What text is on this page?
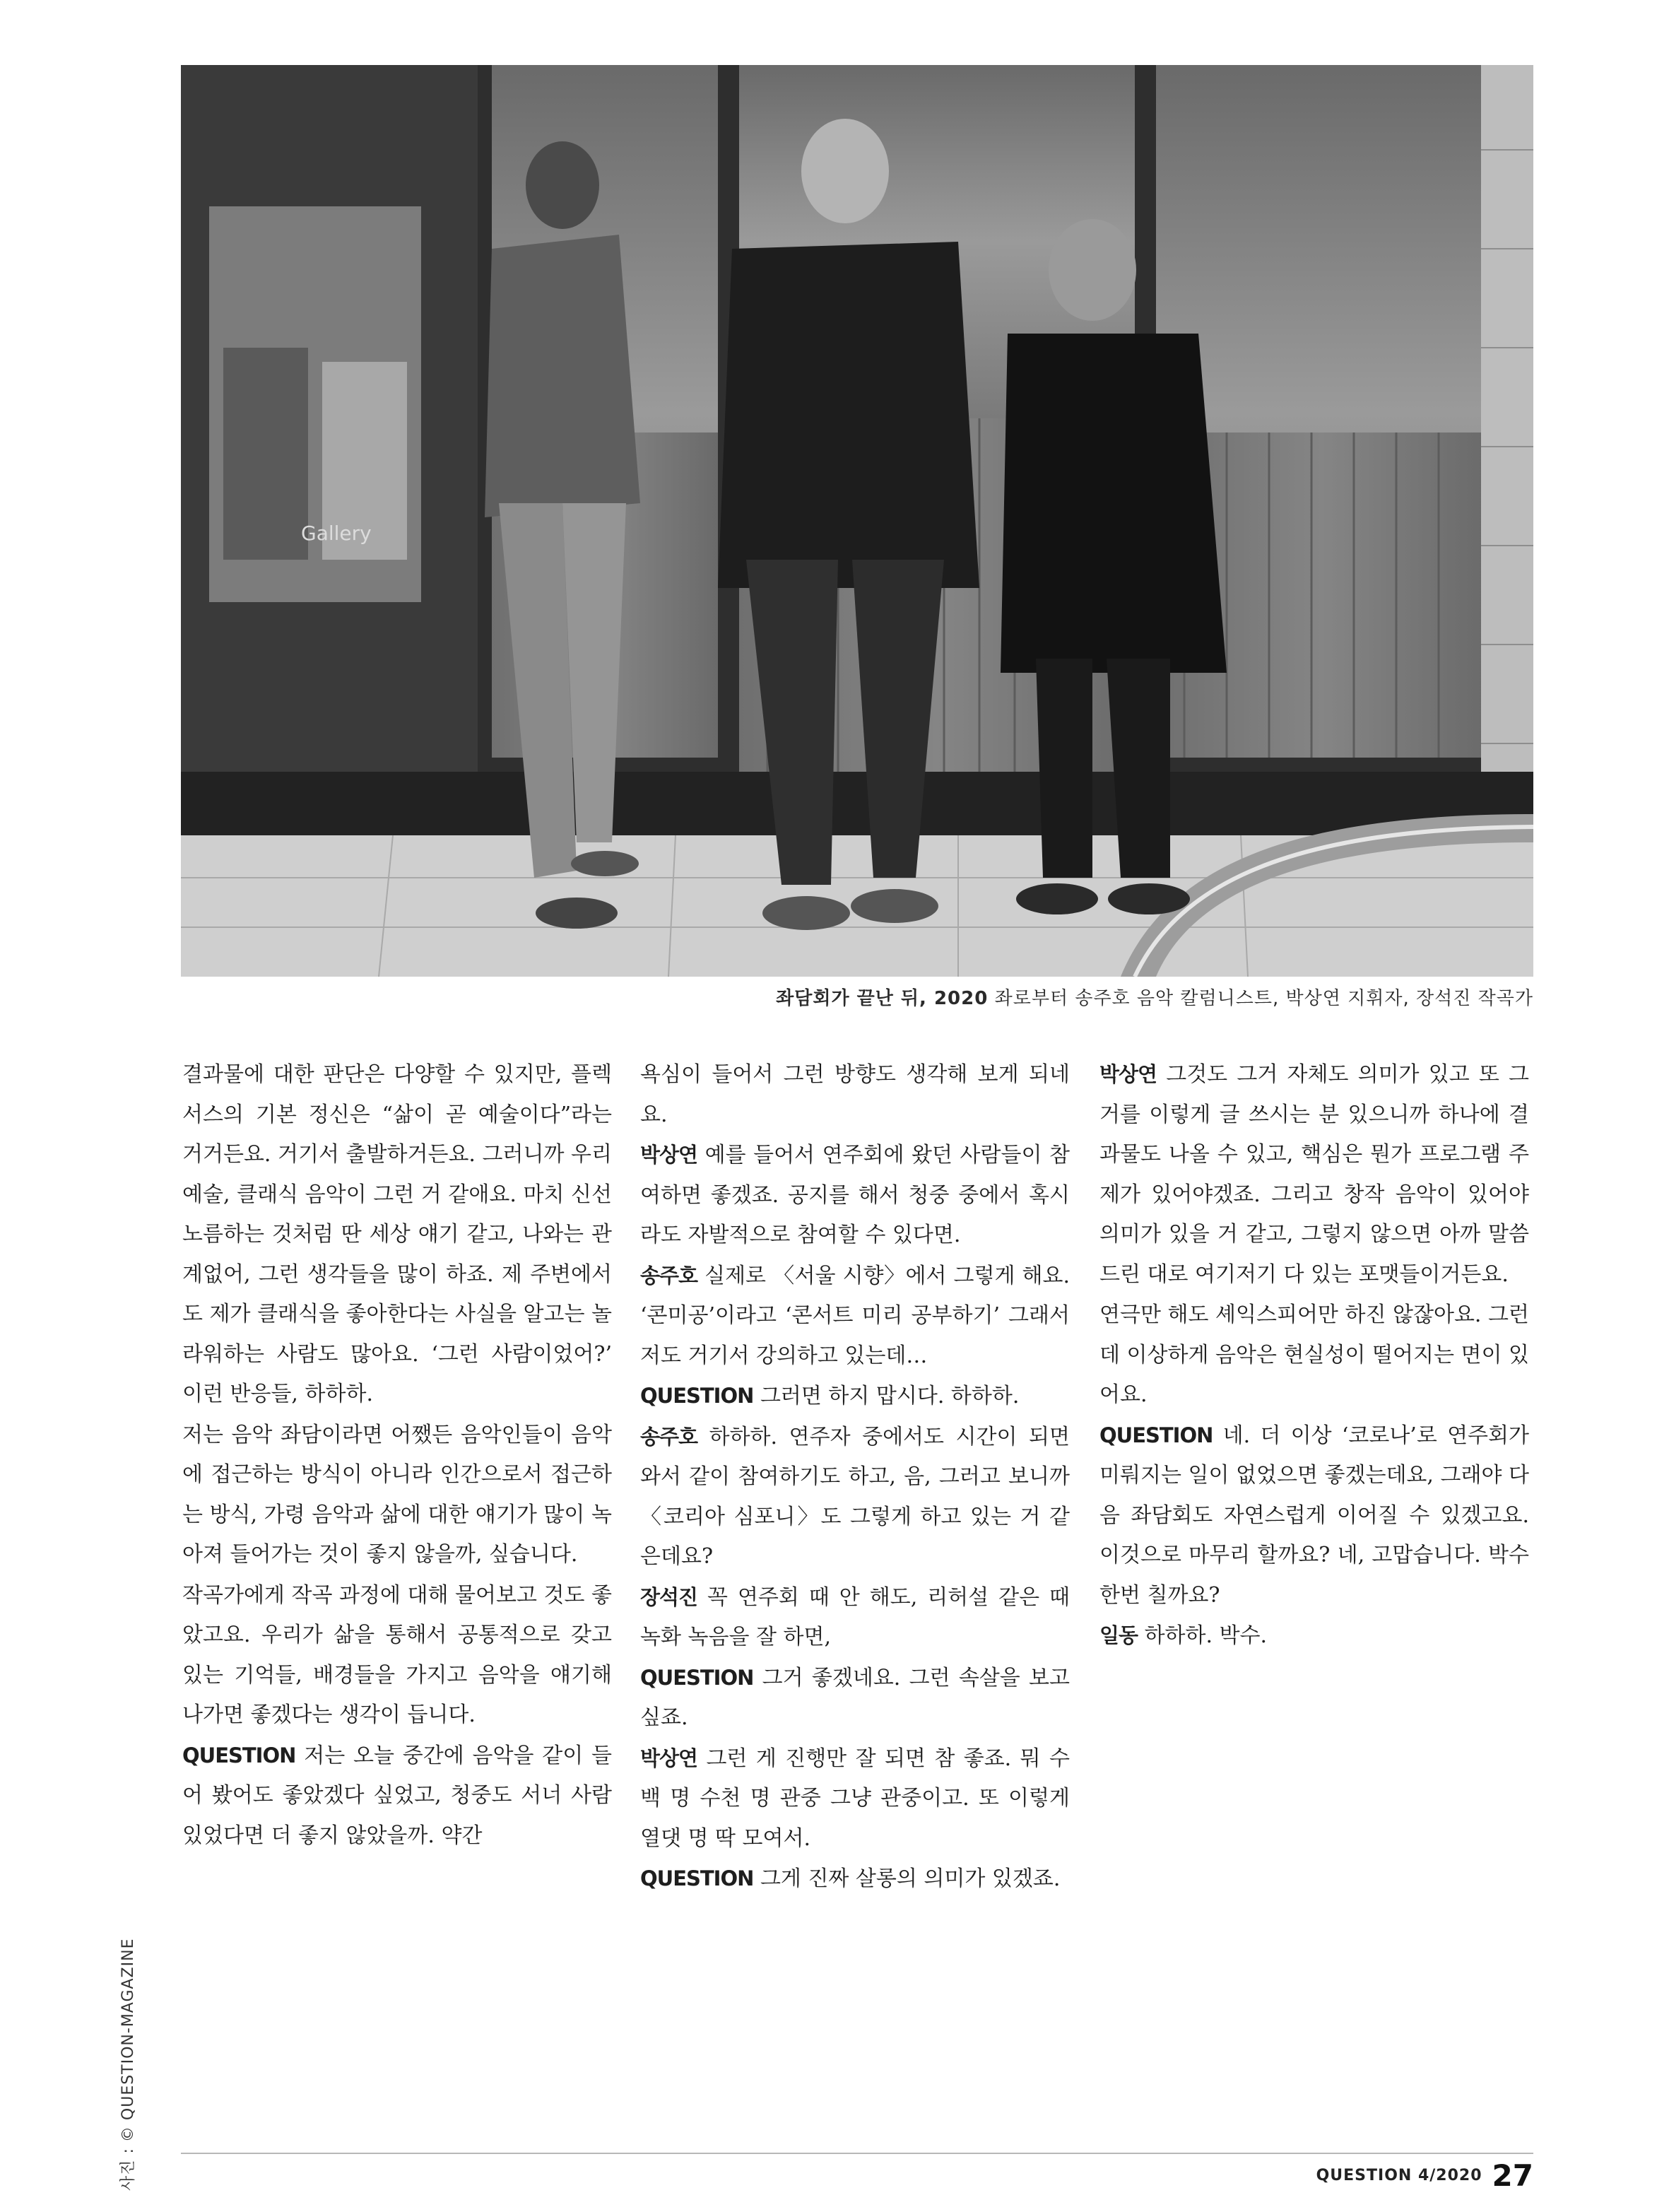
Gallery
좌담회가 끝난 뒤, 2020 좌로부터 송주호 음악 칼럼니스트, 박상연 지휘자, 장석진 작곡가

결과물에 대한 판단은 다양할 수 있지만, 플렉서스의 기본 정신은 “삶이 곧 예술이다”라는 거거든요. 거기서 출발하거든요. 그러니까 우리 예술, 클래식 음악이 그런 거 같애요. 마치 신선 노름하는 것처럼 딴 세상 얘기 같고, 나와는 관계없어, 그런 생각들을 많이 하죠. 제 주변에서도 제가 클래식을 좋아한다는 사실을 알고는 놀라워하는 사람도 많아요. ‘그런 사람이었어?’ 이런 반응들, 하하하.

저는 음악 좌담이라면 어쨌든 음악인들이 음악에 접근하는 방식이 아니라 인간으로서 접근하는 방식, 가령 음악과 삶에 대한 얘기가 많이 녹아져 들어가는 것이 좋지 않을까, 싶습니다.

작곡가에게 작곡 과정에 대해 물어보고 것도 좋았고요. 우리가 삶을 통해서 공통적으로 갖고 있는 기억들, 배경들을 가지고 음악을 얘기해 나가면 좋겠다는 생각이 듭니다.

QUESTION 저는 오늘 중간에 음악을 같이 들어 봤어도 좋았겠다 싶었고, 청중도 서너 사람 있었다면 더 좋지 않았을까. 약간

욕심이 들어서 그런 방향도 생각해 보게 되네요.

박상연 예를 들어서 연주회에 왔던 사람들이 참여하면 좋겠죠. 공지를 해서 청중 중에서 혹시라도 자발적으로 참여할 수 있다면.

송주호 실제로 〈서울 시향〉에서 그렇게 해요. ‘콘미공’이라고 ‘콘서트 미리 공부하기’ 그래서 저도 거기서 강의하고 있는데…

QUESTION 그러면 하지 맙시다. 하하하.

송주호 하하하. 연주자 중에서도 시간이 되면 와서 같이 참여하기도 하고, 음, 그러고 보니까 〈코리아 심포니〉도 그렇게 하고 있는 거 같은데요?

장석진 꼭 연주회 때 안 해도, 리허설 같은 때 녹화 녹음을 잘 하면,

QUESTION 그거 좋겠네요. 그런 속살을 보고 싶죠.

박상연 그런 게 진행만 잘 되면 참 좋죠. 뭐 수백 명 수천 명 관중 그냥 관중이고. 또 이렇게 열댓 명 딱 모여서.

QUESTION 그게 진짜 살롱의 의미가 있겠죠.

박상연 그것도 그거 자체도 의미가 있고 또 그거를 이렇게 글 쓰시는 분 있으니까 하나에 결과물도 나올 수 있고, 핵심은 뭔가 프로그램 주제가 있어야겠죠. 그리고 창작 음악이 있어야 의미가 있을 거 같고, 그렇지 않으면 아까 말씀드린 대로 여기저기 다 있는 포맷들이거든요.

연극만 해도 셰익스피어만 하진 않잖아요. 그런데 이상하게 음악은 현실성이 떨어지는 면이 있어요.

QUESTION 네. 더 이상 ‘코로나’로 연주회가 미뤄지는 일이 없었으면 좋겠는데요, 그래야 다음 좌담회도 자연스럽게 이어질 수 있겠고요. 이것으로 마무리 할까요? 네, 고맙습니다. 박수 한번 칠까요?

일동 하하하. 박수.

사진 : © QUESTION-MAGAZINE	QUESTION 4/2020 27
